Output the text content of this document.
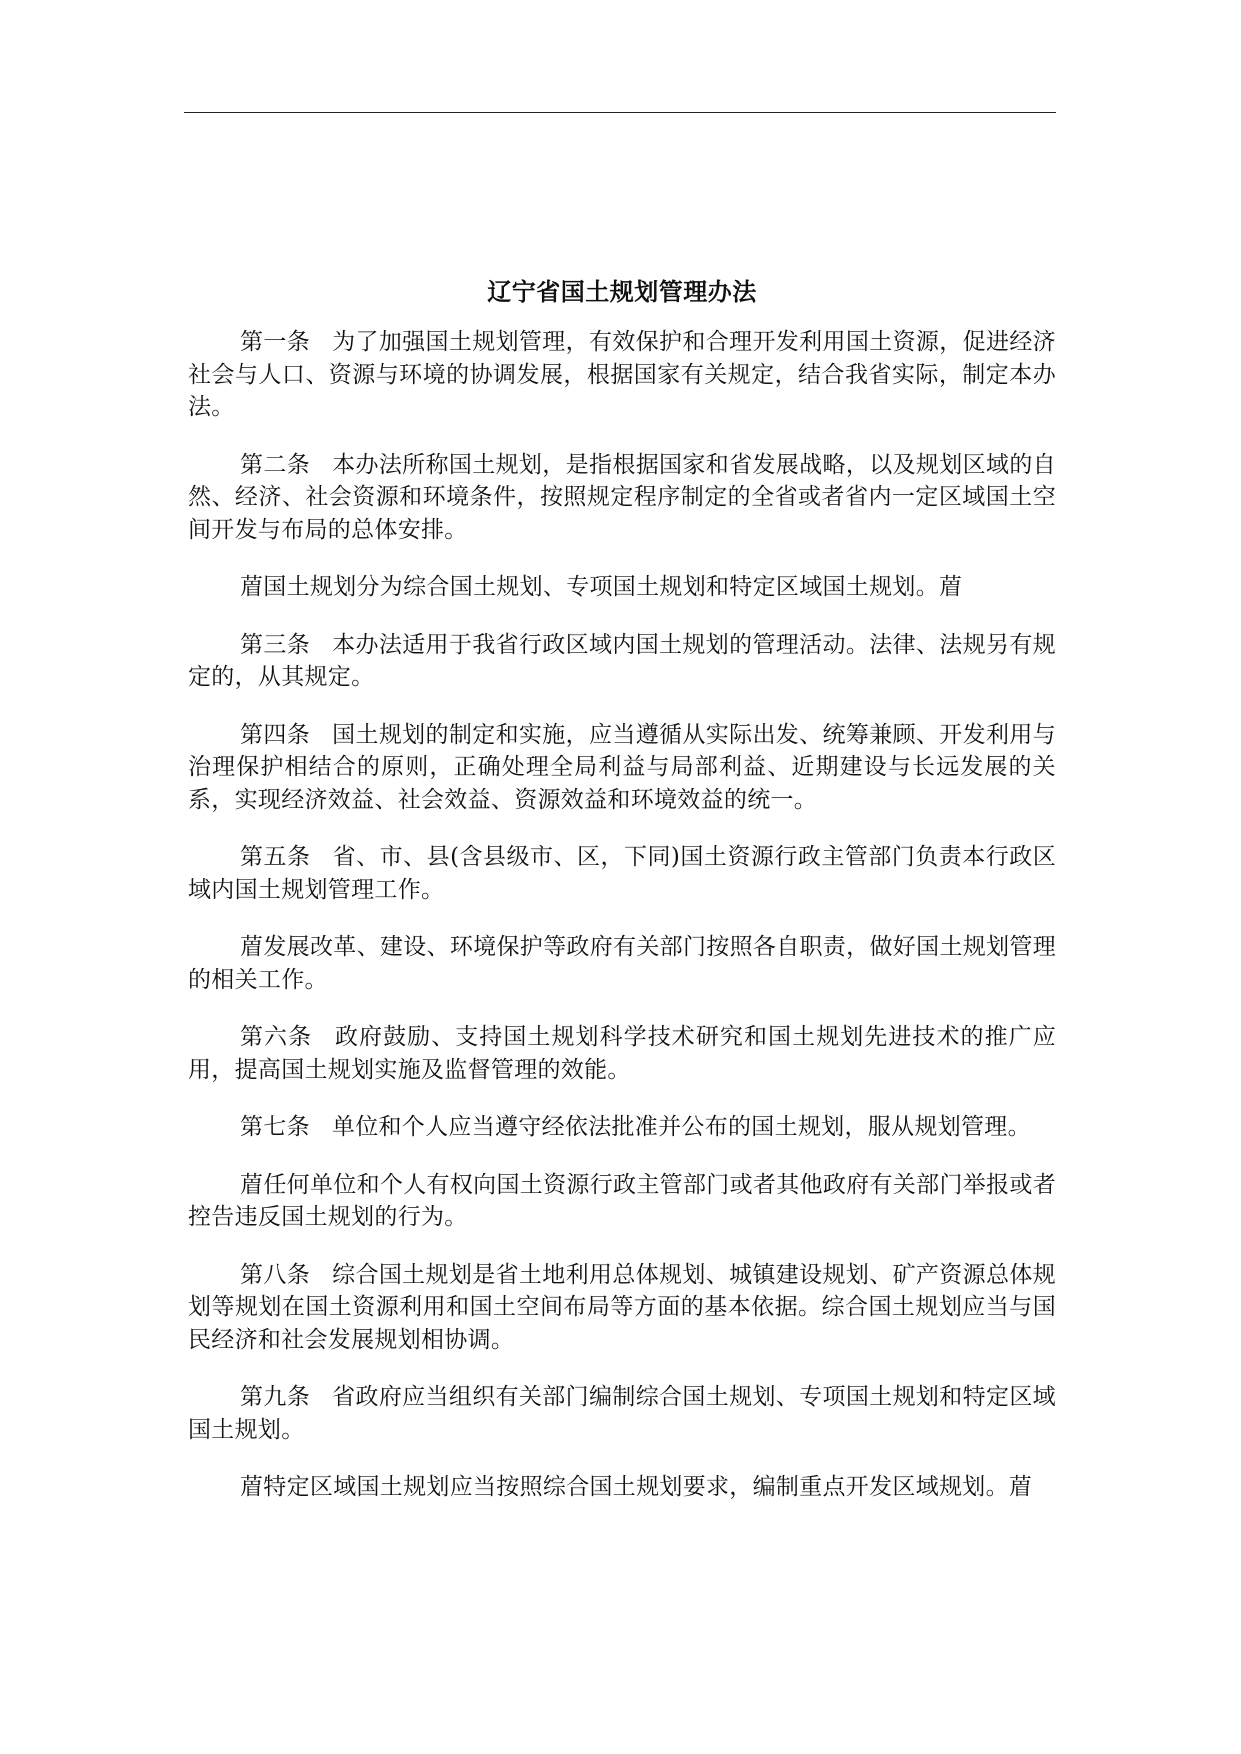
辽宁省国土规划管理办法
第一条 为了加强国土规划管理，有效保护和合理开发利用国土资源，促进经济社会与人口、资源与环境的协调发展，根据国家有关规定，结合我省实际，制定本办法。
第二条 本办法所称国土规划，是指根据国家和省发展战略，以及规划区域的自然、经济、社会资源和环境条件，按照规定程序制定的全省或者省内一定区域国土空间开发与布局的总体安排。
葿国土规划分为综合国土规划、专项国土规划和特定区域国土规划。葿
第三条 本办法适用于我省行政区域内国土规划的管理活动。法律、法规另有规定的，从其规定。
第四条 国土规划的制定和实施，应当遵循从实际出发、统筹兼顾、开发利用与治理保护相结合的原则，正确处理全局利益与局部利益、近期建设与长远发展的关系，实现经济效益、社会效益、资源效益和环境效益的统一。
第五条 省、市、县(含县级市、区，下同)国土资源行政主管部门负责本行政区域内国土规划管理工作。
葿发展改革、建设、环境保护等政府有关部门按照各自职责，做好国土规划管理的相关工作。
第六条 政府鼓励、支持国土规划科学技术研究和国土规划先进技术的推广应用，提高国土规划实施及监督管理的效能。
第七条 单位和个人应当遵守经依法批准并公布的国土规划，服从规划管理。
葿任何单位和个人有权向国土资源行政主管部门或者其他政府有关部门举报或者控告违反国土规划的行为。
第八条 综合国土规划是省土地利用总体规划、城镇建设规划、矿产资源总体规划等规划在国土资源利用和国土空间布局等方面的基本依据。综合国土规划应当与国民经济和社会发展规划相协调。
第九条 省政府应当组织有关部门编制综合国土规划、专项国土规划和特定区域国土规划。
葿特定区域国土规划应当按照综合国土规划要求，编制重点开发区域规划。葿
